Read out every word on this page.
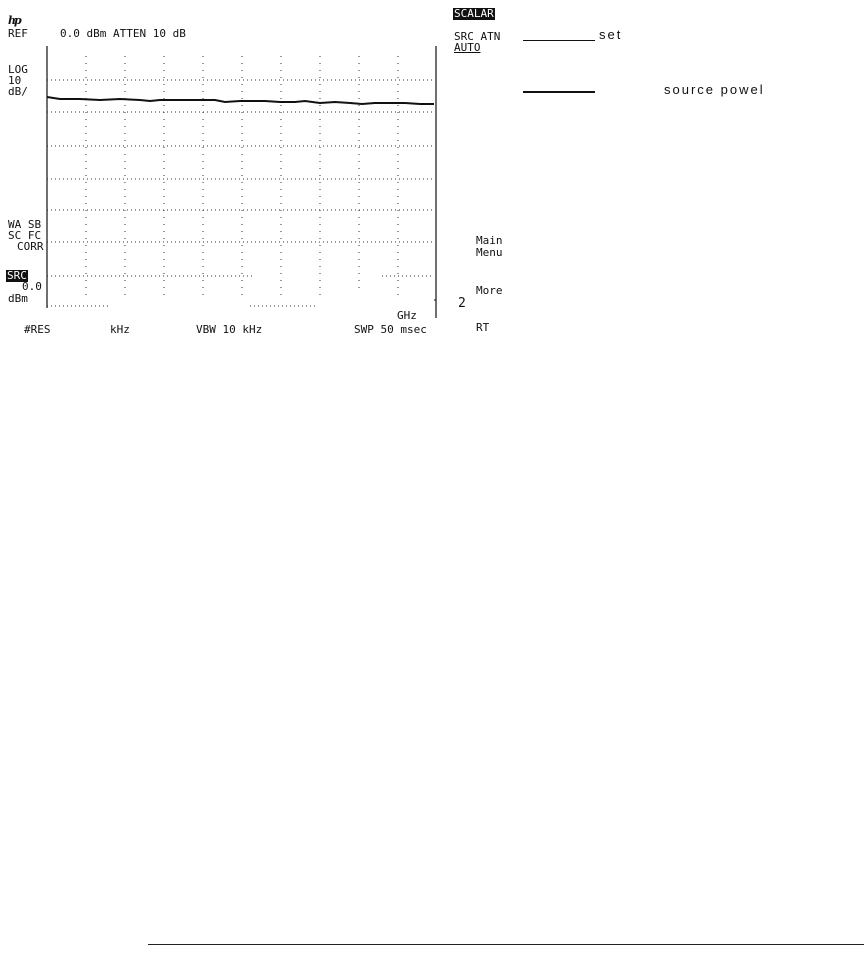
hp
REF	0.0 dBm ATTEN 10 dB
LOG
10
dB/
WA SB
SC FC
CORR
SRC
0.0
dBm
GHz
#RES	kHz	VBW 10 kHz	SWP 50 msec
SCALAR
SRC ATN
AUTO
Main
Menu
More
2
RT
set
source powel
